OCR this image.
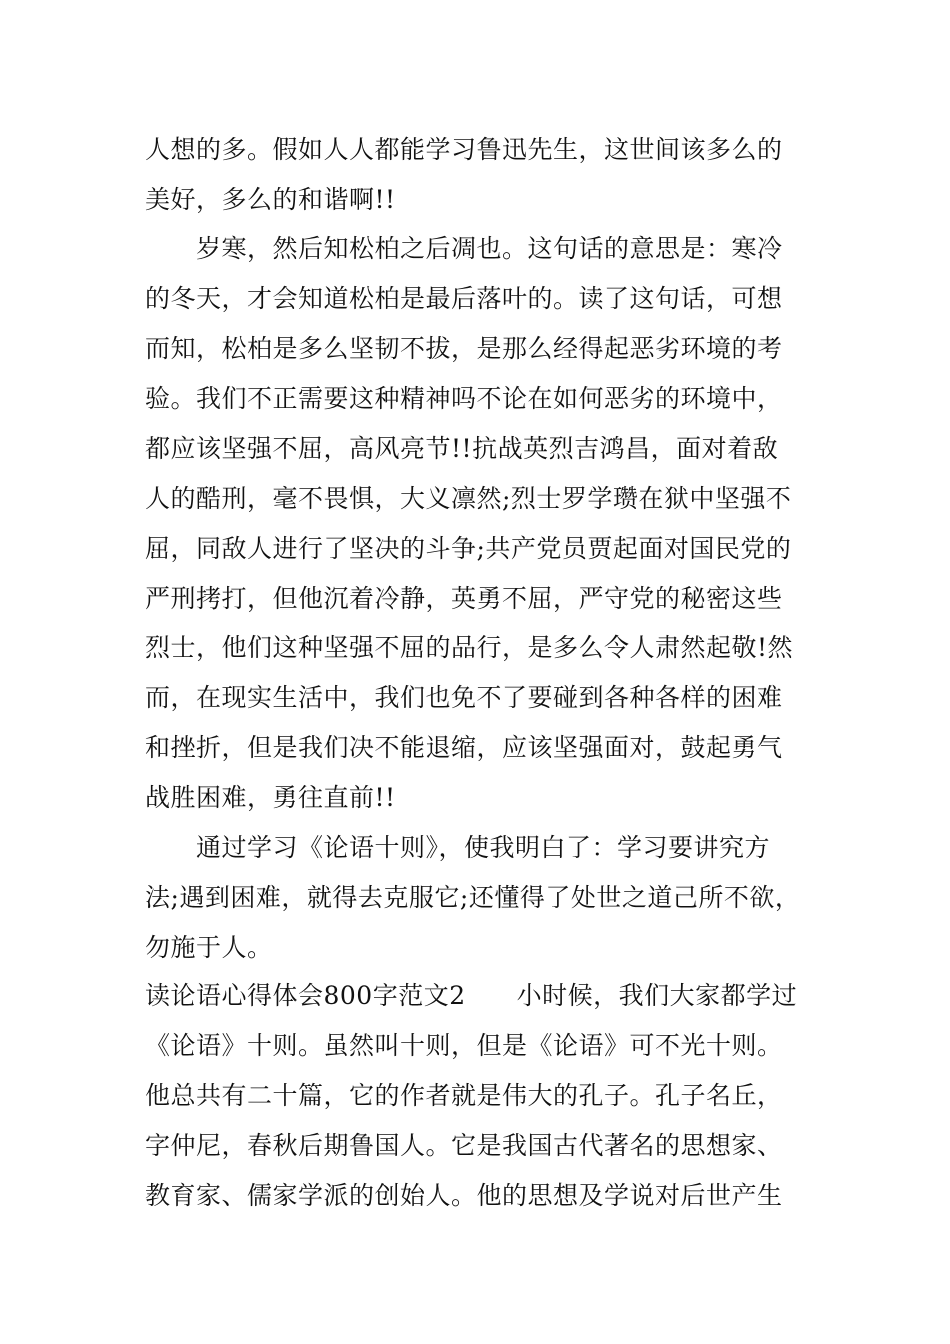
人想的多。假如人人都能学习鲁迅先生，这世间该多么的
美好，多么的和谐啊!!
岁寒，然后知松柏之后凋也。这句话的意思是：寒冷
的冬天，才会知道松柏是最后落叶的。读了这句话，可想
而知，松柏是多么坚韧不拔，是那么经得起恶劣环境的考
验。我们不正需要这种精神吗不论在如何恶劣的环境中，
都应该坚强不屈，高风亮节!!抗战英烈吉鸿昌，面对着敌
人的酷刑，毫不畏惧，大义凛然;烈士罗学瓒在狱中坚强不
屈，同敌人进行了坚决的斗争;共产党员贾起面对国民党的
严刑拷打，但他沉着冷静，英勇不屈，严守党的秘密这些
烈士，他们这种坚强不屈的品行，是多么令人肃然起敬!然
而，在现实生活中，我们也免不了要碰到各种各样的困难
和挫折，但是我们决不能退缩，应该坚强面对，鼓起勇气
战胜困难，勇往直前!!
通过学习《论语十则》，使我明白了：学习要讲究方
法;遇到困难，就得去克服它;还懂得了处世之道己所不欲，
勿施于人。
读论语心得体会800字范文2　　小时候，我们大家都学过
《论语》十则。虽然叫十则，但是《论语》可不光十则。
他总共有二十篇，它的作者就是伟大的孔子。孔子名丘，
字仲尼，春秋后期鲁国人。它是我国古代著名的思想家、
教育家、儒家学派的创始人。他的思想及学说对后世产生
